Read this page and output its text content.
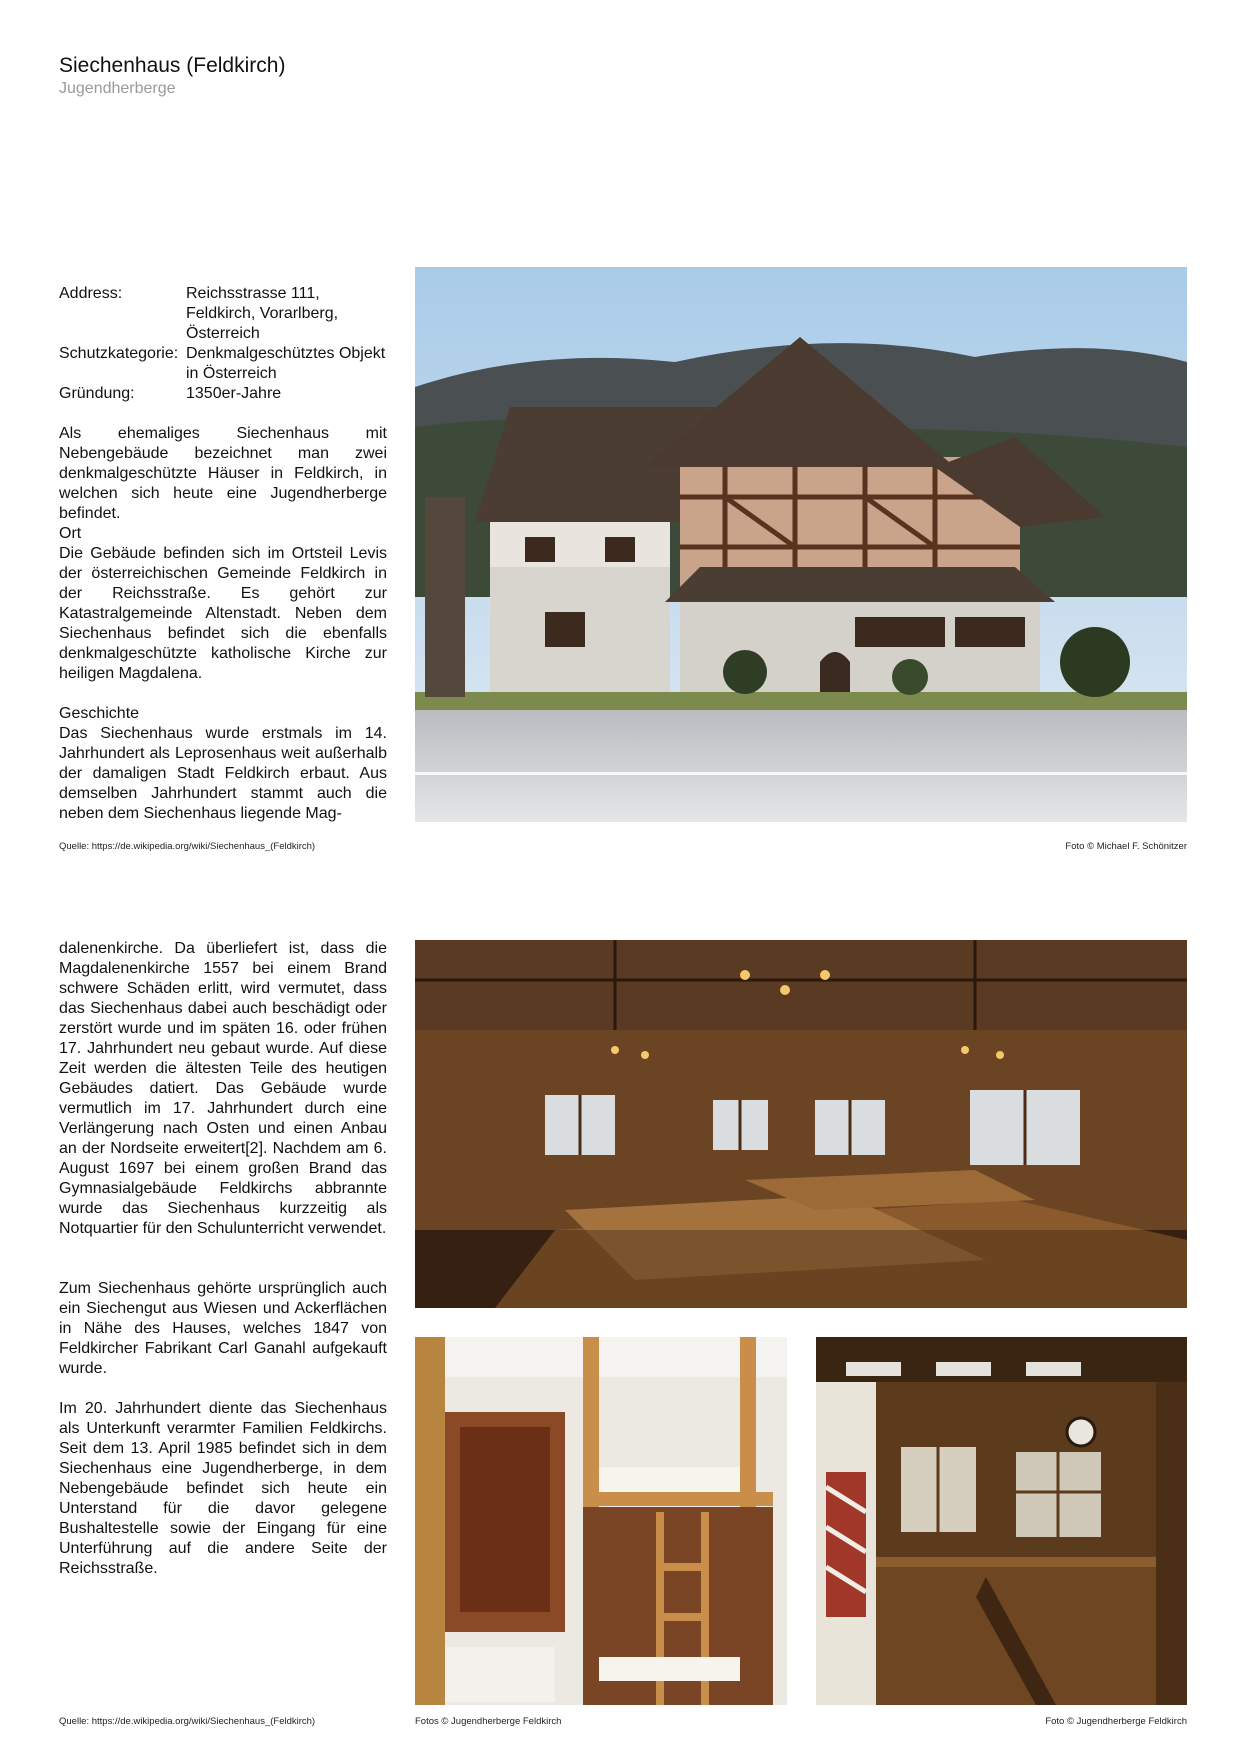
Siechenhaus (Feldkirch)
Jugendherberge
Address:	Reichsstrasse 111, Feldkirch, Vorarlberg, Österreich
Schutzkategorie: Denkmalgeschütztes Objekt in Österreich
Gründung:	1350er-Jahre

Als ehemaliges Siechenhaus mit Nebengebäude bezeichnet man zwei denkmalgeschützte Häuser in Feldkirch, in welchen sich heute eine Jugendherberge befindet.

Ort

Die Gebäude befinden sich im Ortsteil Levis der österreichischen Gemeinde Feldkirch in der Reichsstraße. Es gehört zur Katastralgemeinde Altenstadt. Neben dem Siechenhaus befindet sich die ebenfalls denkmalgeschützte katholische Kirche zur heiligen Magdalena.

Geschichte

Das Siechenhaus wurde erstmals im 14. Jahrhundert als Leprosenhaus weit außerhalb der damaligen Stadt Feldkirch erbaut. Aus demselben Jahrhundert stammt auch die neben dem Siechenhaus liegende Mag-

Quelle: https://de.wikipedia.org/wiki/Siechenhaus_(Feldkirch)	Foto © Michael F. Schönitzer

dalenenkirche. Da überliefert ist, dass die Magdalenenkirche 1557 bei einem Brand schwere Schäden erlitt, wird vermutet, dass das Siechenhaus dabei auch beschädigt oder zerstört wurde und im späten 16. oder frühen 17. Jahrhundert neu gebaut wurde. Auf diese Zeit werden die ältesten Teile des heutigen Gebäudes datiert. Das Gebäude wurde vermutlich im 17. Jahrhundert durch eine Verlängerung nach Osten und einen Anbau an der Nordseite erweitert[2]. Nachdem am 6. August 1697 bei einem großen Brand das Gymnasialgebäude Feldkirchs abbrannte wurde das Siechenhaus kurzzeitig als Notquartier für den Schulunterricht verwendet.

Zum Siechenhaus gehörte ursprünglich auch ein Siechengut aus Wiesen und Ackerflächen in Nähe des Hauses, welches 1847 von Feldkircher Fabrikant Carl Ganahl aufgekauft wurde.

Im 20. Jahrhundert diente das Siechenhaus als Unterkunft verarmter Familien Feldkirchs. Seit dem 13. April 1985 befindet sich in dem Siechenhaus eine Jugendherberge, in dem Nebengebäude befindet sich heute ein Unterstand für die davor gelegene Bushaltestelle sowie der Eingang für eine Unterführung auf die andere Seite der Reichsstraße.

Quelle: https://de.wikipedia.org/wiki/Siechenhaus_(Feldkirch)	Fotos © Jugendherberge Feldkirch	Foto © Jugendherberge Feldkirch
